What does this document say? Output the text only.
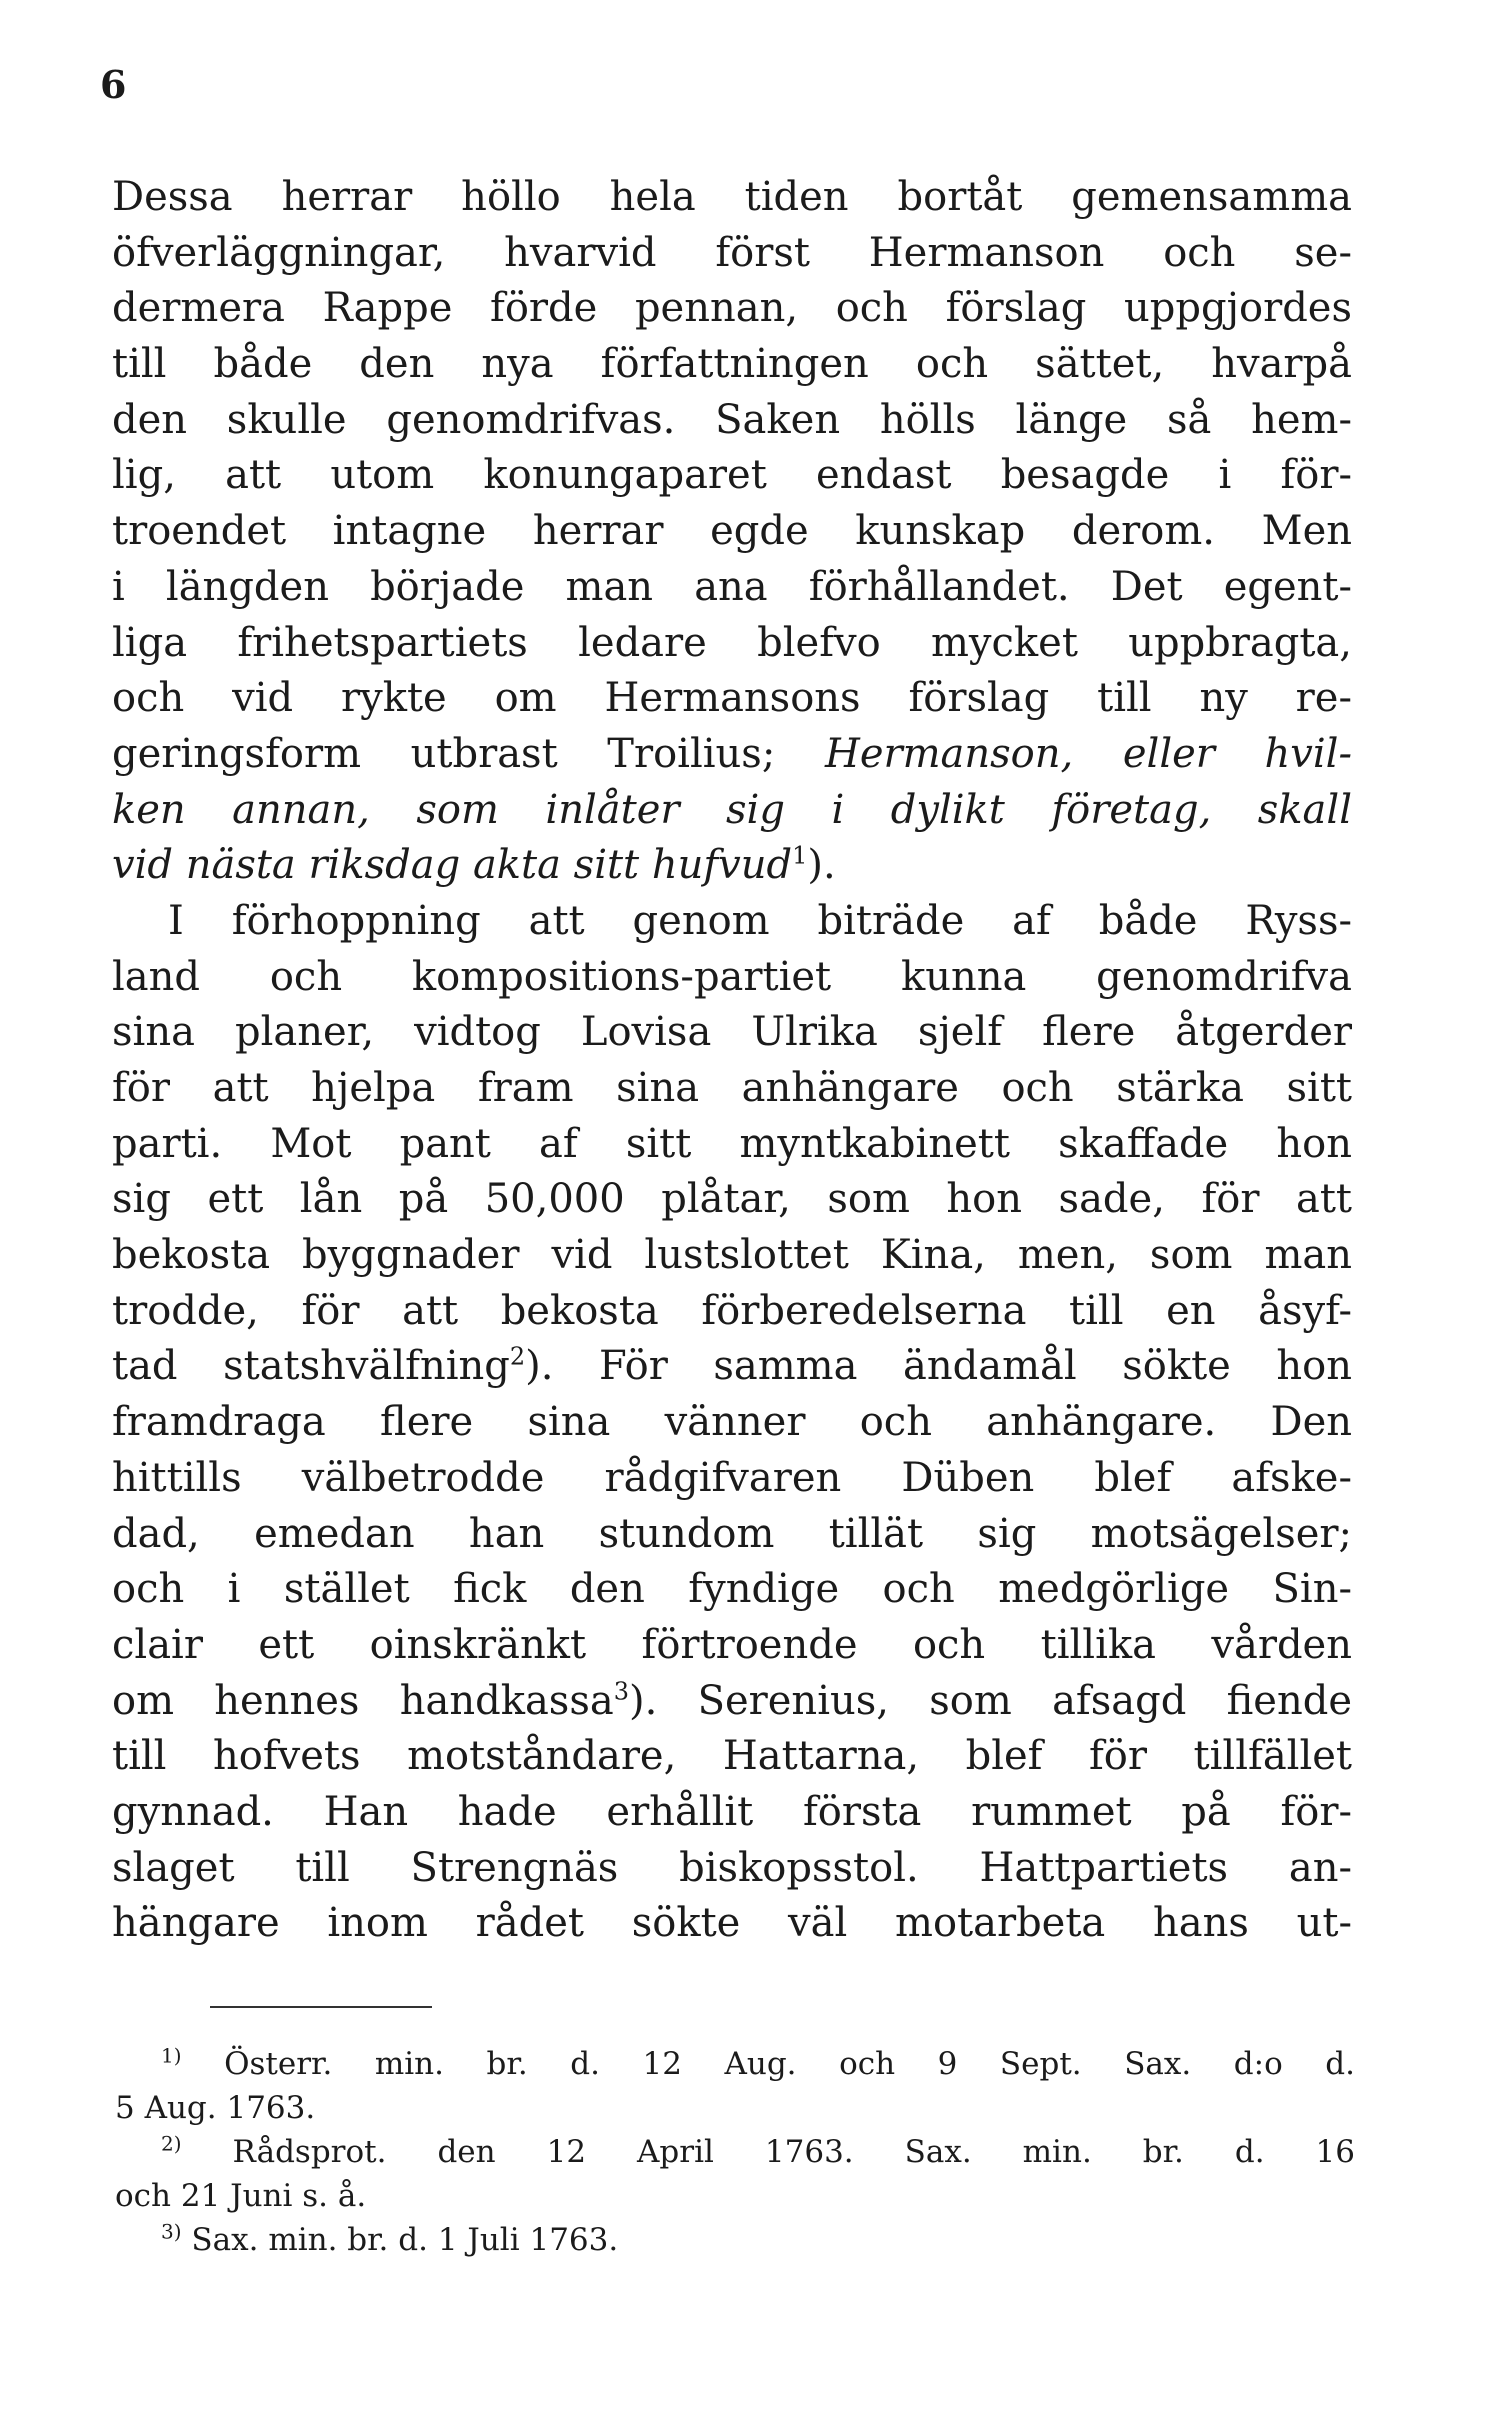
6
Dessa herrar höllo hela tiden bortåt gemensamma
öfverläggningar, hvarvid först Hermanson och se-
dermera Rappe förde pennan, och förslag uppgjordes
till både den nya författningen och sättet, hvarpå
den skulle genomdrifvas. Saken hölls länge så hem-
lig, att utom konungaparet endast besagde i för-
troendet intagne herrar egde kunskap derom. Men
i längden började man ana förhållandet. Det egent-
liga frihetspartiets ledare blefvo mycket uppbragta,
och vid rykte om Hermansons förslag till ny re-
geringsform utbrast Troilius; Hermanson, eller hvil-
ken annan, som inlåter sig i dylikt företag, skall
vid nästa riksdag akta sitt hufvud$^1$).
I förhoppning att genom biträde af både Ryss-
land och kompositions-partiet kunna genomdrifva
sina planer, vidtog Lovisa Ulrika sjelf flere åtgerder
för att hjelpa fram sina anhängare och stärka sitt
parti. Mot pant af sitt myntkabinett skaffade hon
sig ett lån på 50,000 plåtar, som hon sade, för att
bekosta byggnader vid lustslottet Kina, men, som man
trodde, för att bekosta förberedelserna till en åsyf-
tad statshvälfning$^2$). För samma ändamål sökte hon
framdraga flere sina vänner och anhängare. Den
hittills välbetrodde rådgifvaren Düben blef afske-
dad, emedan han stundom tillät sig motsägelser;
och i stället fick den fyndige och medgörlige Sin-
clair ett oinskränkt förtroende och tillika vården
om hennes handkassa$^3$). Serenius, som afsagd fiende
till hofvets motståndare, Hattarna, blef för tillfället
gynnad. Han hade erhållit första rummet på för-
slaget till Strengnäs biskopsstol. Hattpartiets an-
hängare inom rådet sökte väl motarbeta hans ut-
$^{1)}$ Österr. min. br. d. 12 Aug. och 9 Sept. Sax. d:o d.
5 Aug. 1763.
$^{2)}$ Rådsprot. den 12 April 1763. Sax. min. br. d. 16
och 21 Juni s. å.
$^{3)}$ Sax. min. br. d. 1 Juli 1763.
